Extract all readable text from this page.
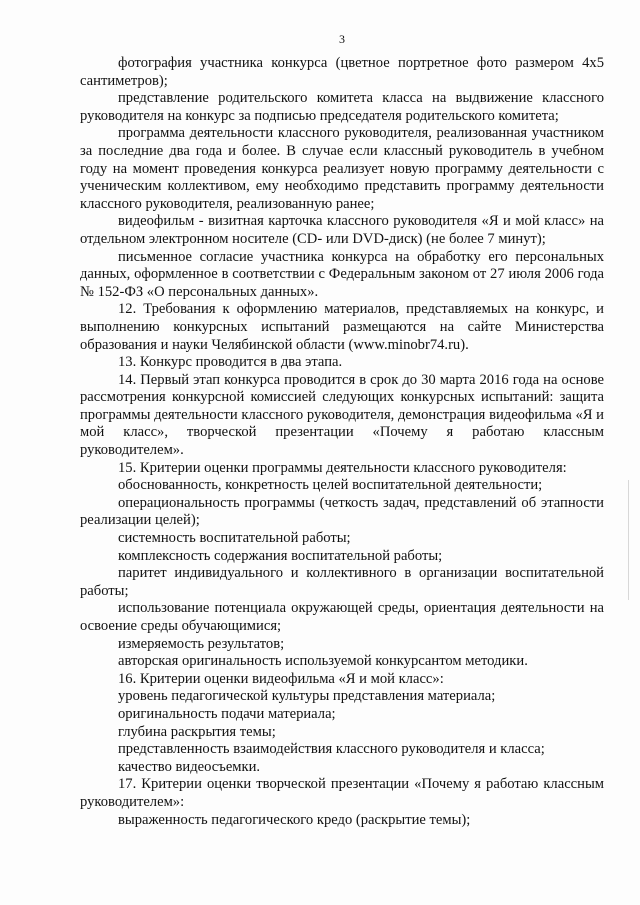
3

фотография участника конкурса (цветное портретное фото размером 4х5 сантиметров);

представление родительского комитета класса на выдвижение классного руководителя на конкурс за подписью председателя родительского комитета;

программа деятельности классного руководителя, реализованная участником за последние два года и более. В случае если классный руководитель в учебном году на момент проведения конкурса реализует новую программу деятельности с ученическим коллективом, ему необходимо представить программу деятельности классного руководителя, реализованную ранее;

видеофильм - визитная карточка классного руководителя «Я и мой класс» на отдельном электронном носителе (CD- или DVD-диск) (не более 7 минут);

письменное согласие участника конкурса на обработку его персональных данных, оформленное в соответствии с Федеральным законом от 27 июля 2006 года № 152-ФЗ «О персональных данных».

12. Требования к оформлению материалов, представляемых на конкурс, и выполнению конкурсных испытаний размещаются на сайте Министерства образования и науки Челябинской области (www.minobr74.ru).

13. Конкурс проводится в два этапа.

14. Первый этап конкурса проводится в срок до 30 марта 2016 года на основе рассмотрения конкурсной комиссией следующих конкурсных испытаний: защита программы деятельности классного руководителя, демонстрация видеофильма «Я и мой класс», творческой презентации «Почему я работаю классным руководителем».

15. Критерии оценки программы деятельности классного руководителя:

обоснованность, конкретность целей воспитательной деятельности;

операциональность программы (четкость задач, представлений об этапности реализации целей);

системность воспитательной работы;

комплексность содержания воспитательной работы;

паритет индивидуального и коллективного в организации воспитательной работы;

использование потенциала окружающей среды, ориентация деятельности на освоение среды обучающимися;

измеряемость результатов;

авторская оригинальность используемой конкурсантом методики.

16. Критерии оценки видеофильма «Я и мой класс»:

уровень педагогической культуры представления материала;

оригинальность подачи материала;

глубина раскрытия темы;

представленность взаимодействия классного руководителя и класса;

качество видеосъемки.

17. Критерии оценки творческой презентации «Почему я работаю классным руководителем»:

выраженность педагогического кредо (раскрытие темы);
